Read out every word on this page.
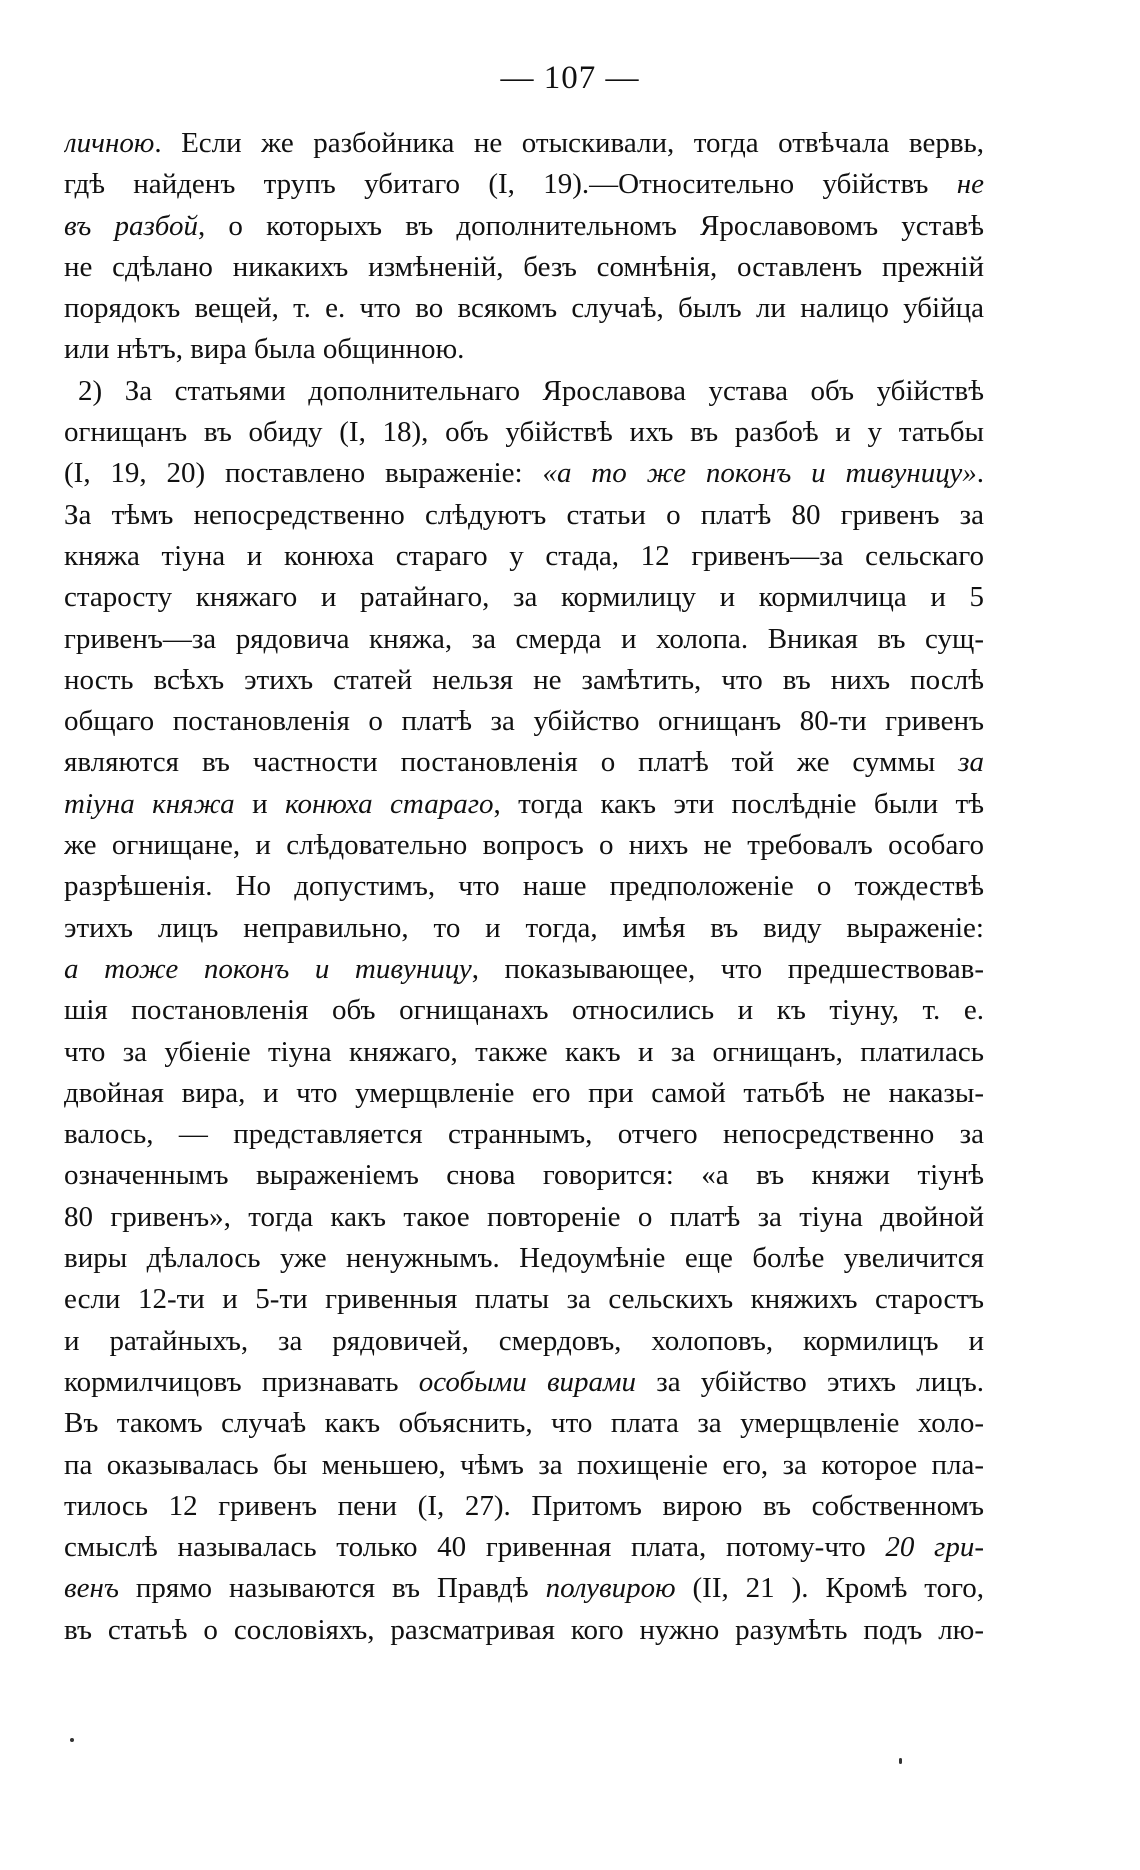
— 107 —
личною. Если же разбойника не отыскивали, тогда отвѣчала вервь,
гдѣ найденъ трупъ убитаго (I, 19).—Относительно убійствъ не
въ разбой, о которыхъ въ дополнительномъ Ярославовомъ уставѣ
не сдѣлано никакихъ измѣненій, безъ сомнѣнія, оставленъ прежній
порядокъ вещей, т. е. что во всякомъ случаѣ, былъ ли налицо убійца
или нѣтъ, вира была общинною.
2) За статьями дополнительнаго Ярославова устава объ убійствѣ
огнищанъ въ обиду (I, 18), объ убійствѣ ихъ въ разбоѣ и у татьбы
(I, 19, 20) поставлено выраженіе: «а то же поконъ и тивуницу».
За тѣмъ непосредственно слѣдуютъ статьи о платѣ 80 гривенъ за
княжа тіуна и конюха стараго у стада, 12 гривенъ—за сельскаго
старосту княжаго и ратайнаго, за кормилицу и кормилчица и 5
гривенъ—за рядовича княжа, за смерда и холопа. Вникая въ сущ-
ность всѣхъ этихъ статей нельзя не замѣтить, что въ нихъ послѣ
общаго постановленія о платѣ за убійство огнищанъ 80-ти гривенъ
являются въ частности постановленія о платѣ той же суммы за
тіуна княжа и конюха стараго, тогда какъ эти послѣдніе были тѣ
же огнищане, и слѣдовательно вопросъ о нихъ не требовалъ особаго
разрѣшенія. Но допустимъ, что наше предположеніе о тождествѣ
этихъ лицъ неправильно, то и тогда, имѣя въ виду выраженіе:
а тоже поконъ и тивуницу, показывающее, что предшествовав-
шія постановленія объ огнищанахъ относились и къ тіуну, т. е.
что за убіеніе тіуна княжаго, также какъ и за огнищанъ, платилась
двойная вира, и что умерщвленіе его при самой татьбѣ не наказы-
валось, — представляется страннымъ, отчего непосредственно за
означеннымъ выраженіемъ снова говорится: «а въ княжи тіунѣ
80 гривенъ», тогда какъ такое повтореніе о платѣ за тіуна двойной
виры дѣлалось уже ненужнымъ. Недоумѣніе еще болѣе увеличится
если 12-ти и 5-ти гривенныя платы за сельскихъ княжихъ старостъ
и ратайныхъ, за рядовичей, смердовъ, холоповъ, кормилицъ и
кормилчицовъ признавать особыми вирами за убійство этихъ лицъ.
Въ такомъ случаѣ какъ объяснить, что плата за умерщвленіе холо-
па оказывалась бы меньшею, чѣмъ за похищеніе его, за которое пла-
тилось 12 гривенъ пени (I, 27). Притомъ вирою въ собственномъ
смыслѣ называлась только 40 гривенная плата, потому-что 20 гри-
венъ прямо называются въ Правдѣ полувирою (II, 21 ). Кромѣ того,
въ статьѣ о сословіяхъ, разсматривая кого нужно разумѣть подъ лю-
